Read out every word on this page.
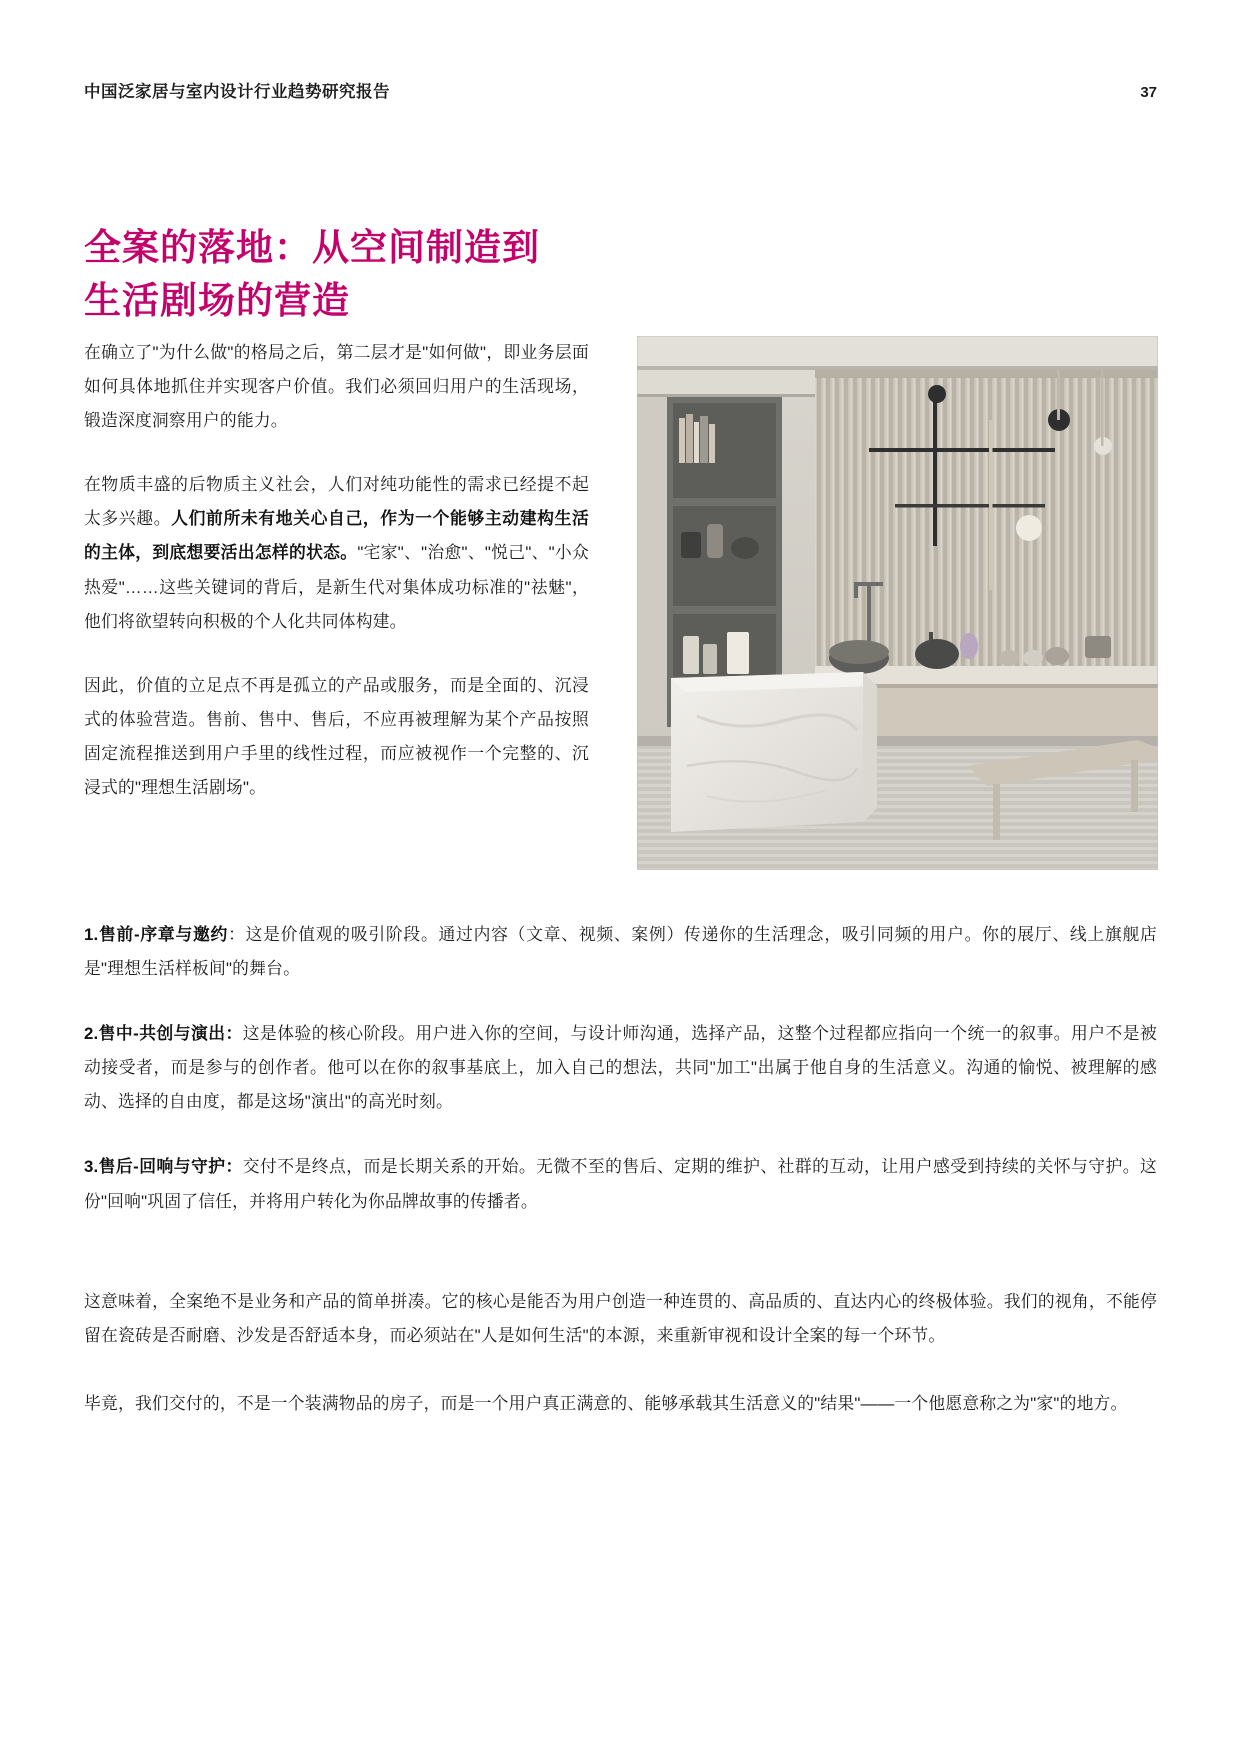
中国泛家居与室内设计行业趋势研究报告	37
全案的落地：从空间制造到
生活剧场的营造

在确立了"为什么做"的格局之后，第二层才是"如何做"，即业务层面如何具体地抓住并实现客户价值。我们必须回归用户的生活现场，锻造深度洞察用户的能力。

在物质丰盛的后物质主义社会，人们对纯功能性的需求已经提不起太多兴趣。人们前所未有地关心自己，作为一个能够主动建构生活的主体，到底想要活出怎样的状态。"宅家"、"治愈"、"悦己"、"小众热爱"……这些关键词的背后，是新生代对集体成功标准的"祛魅"，他们将欲望转向积极的个人化共同体构建。

因此，价值的立足点不再是孤立的产品或服务，而是全面的、沉浸式的体验营造。售前、售中、售后，不应再被理解为某个产品按照固定流程推送到用户手里的线性过程，而应被视作一个完整的、沉浸式的"理想生活剧场"。

1.售前-序章与邀约：这是价值观的吸引阶段。通过内容（文章、视频、案例）传递你的生活理念，吸引同频的用户。你的展厅、线上旗舰店是"理想生活样板间"的舞台。

2.售中-共创与演出：这是体验的核心阶段。用户进入你的空间，与设计师沟通，选择产品，这整个过程都应指向一个统一的叙事。用户不是被动接受者，而是参与的创作者。他可以在你的叙事基底上，加入自己的想法，共同"加工"出属于他自身的生活意义。沟通的愉悦、被理解的感动、选择的自由度，都是这场"演出"的高光时刻。

3.售后-回响与守护：交付不是终点，而是长期关系的开始。无微不至的售后、定期的维护、社群的互动，让用户感受到持续的关怀与守护。这份"回响"巩固了信任，并将用户转化为你品牌故事的传播者。

这意味着，全案绝不是业务和产品的简单拼凑。它的核心是能否为用户创造一种连贯的、高品质的、直达内心的终极体验。我们的视角，不能停留在瓷砖是否耐磨、沙发是否舒适本身，而必须站在"人是如何生活"的本源，来重新审视和设计全案的每一个环节。

毕竟，我们交付的，不是一个装满物品的房子，而是一个用户真正满意的、能够承载其生活意义的"结果"——一个他愿意称之为"家"的地方。
